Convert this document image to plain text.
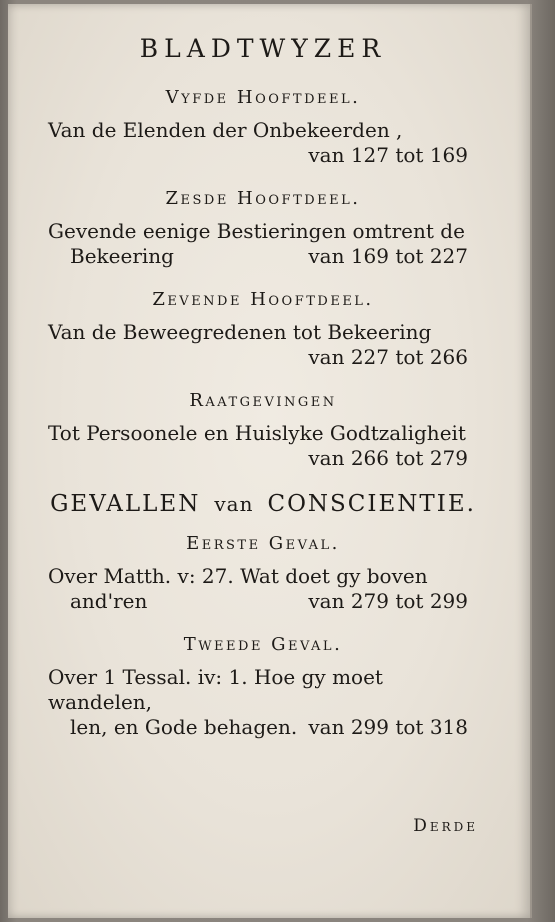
BLADTWYZER
Vyfde Hooftdeel.
Van de Elenden der Onbekeerden ,
van 127 tot 169
Zesde Hooftdeel.
Gevende eenige Bestieringen omtrent de
Bekeering	van 169 tot 227
Zevende Hooftdeel.
Van de Beweegredenen tot Bekeering
van 227 tot 266
Raatgevingen
Tot Persoonele en Huislyke Godtzaligheit
van 266 tot 279
GEVALLEN van CONSCIENTIE.
Eerste Geval.
Over Matth. v: 27. Wat doet gy boven
and'ren	van 279 tot 299
Tweede Geval.
Over 1 Tessal. iv: 1. Hoe gy moet wandelen,
len, en Gode behagen. van 299 tot 318
Derde
